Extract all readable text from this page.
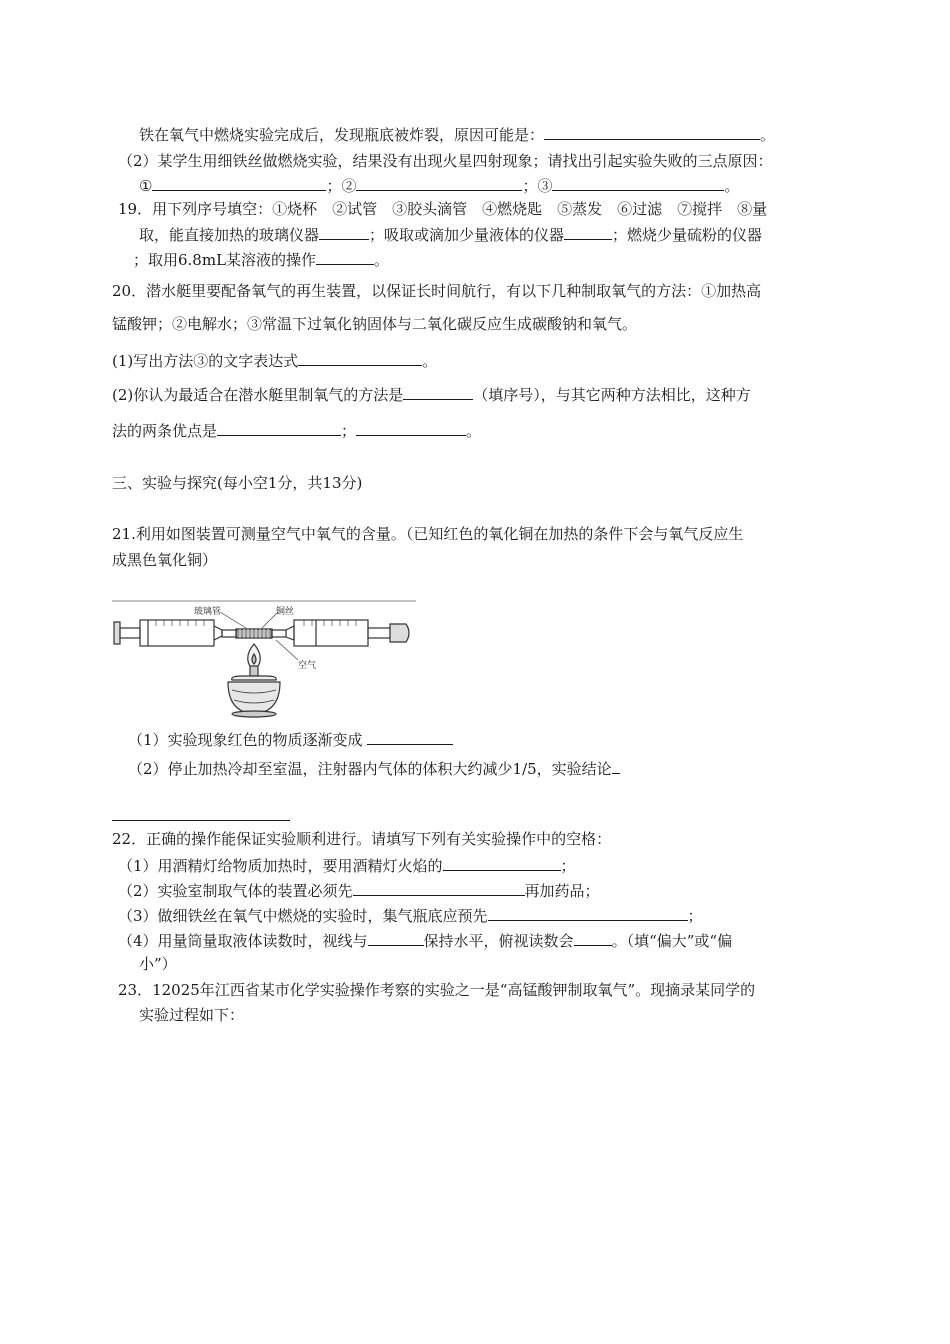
铁在氧气中燃烧实验完成后，发现瓶底被炸裂，原因可能是：	。
（2）某学生用细铁丝做燃烧实验，结果没有出现火星四射现象；请找出引起实验失败的三点原因：
①	；②	；③	。
19．用下列序号填空：①烧杯　②试管　③胶头滴管　④燃烧匙　⑤蒸发　⑥过滤　⑦搅拌　⑧量
取，能直接加热的玻璃仪器	；吸取或滴加少量液体的仪器	；燃烧少量硫粉的仪器
；取用6.8mL某溶液的操作	。
20．潜水艇里要配备氧气的再生装置，以保证长时间航行，有以下几种制取氧气的方法：①加热高
锰酸钾；②电解水；③常温下过氧化钠固体与二氧化碳反应生成碳酸钠和氧气。
(1)写出方法③的文字表达式	。
(2)你认为最适合在潜水艇里制氧气的方法是	（填序号），与其它两种方法相比，这种方
法的两条优点是	；	。
三、实验与探究(每小空1分，共13分)
21.利用如图装置可测量空气中氧气的含量。（已知红色的氧化铜在加热的条件下会与氧气反应生
成黑色氧化铜）
玻璃管	铜丝
空气
（1）实验现象红色的物质逐渐变成
（2）停止加热冷却至室温，注射器内气体的体积大约减少1/5，实验结论
22．正确的操作能保证实验顺利进行。请填写下列有关实验操作中的空格：
（1）用酒精灯给物质加热时，要用酒精灯火焰的	；
（2）实验室制取气体的装置必须先	再加药品；
（3）做细铁丝在氧气中燃烧的实验时，集气瓶底应预先	；
（4）用量筒量取液体读数时，视线与	保持水平，俯视读数会	。（填“偏大”或“偏
小”）
23．12025年江西省某市化学实验操作考察的实验之一是“高锰酸钾制取氧气”。现摘录某同学的
实验过程如下：
